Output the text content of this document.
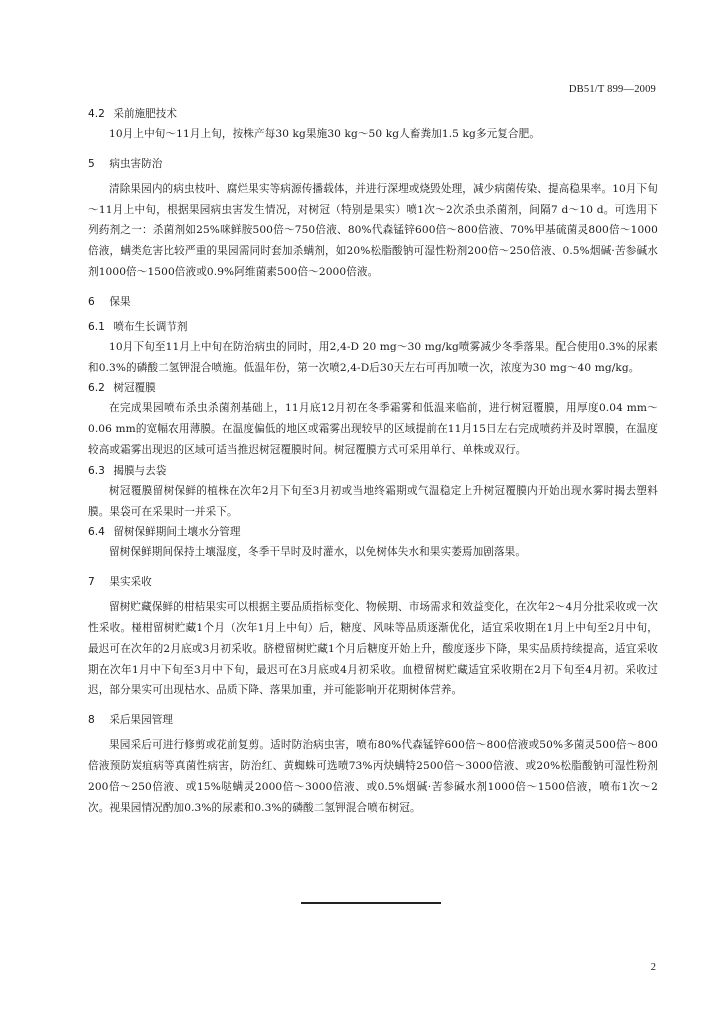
DB51/T 899—2009
4.2 采前施肥技术

10月上中旬～11月上旬，按株产每30 kg果施30 kg～50 kg人畜粪加1.5 kg多元复合肥。

5 病虫害防治

清除果园内的病虫枝叶、腐烂果实等病源传播载体，并进行深埋或烧毁处理，减少病菌传染、提高稳果率。10月下旬～11月上中旬，根据果园病虫害发生情况，对树冠（特别是果实）喷1次～2次杀虫杀菌剂，间隔7 d～10 d。可选用下列药剂之一：杀菌剂如25%咪鲜胺500倍～750倍液、80%代森锰锌600倍～800倍液、70%甲基硫菌灵800倍～1000倍液，螨类危害比较严重的果园需同时套加杀螨剂，如20%松脂酸钠可湿性粉剂200倍～250倍液、0.5%烟碱·苦参碱水剂1000倍～1500倍液或0.9%阿维菌素500倍～2000倍液。

6 保果
6.1 喷布生长调节剂

10月下旬至11月上中旬在防治病虫的同时，用2,4-D 20 mg～30 mg/kg喷雾减少冬季落果。配合使用0.3%的尿素和0.3%的磷酸二氢钾混合喷施。低温年份，第一次喷2,4-D后30天左右可再加喷一次，浓度为30 mg～40 mg/kg。

6.2 树冠覆膜

在完成果园喷布杀虫杀菌剂基础上，11月底12月初在冬季霜雾和低温来临前，进行树冠覆膜，用厚度0.04 mm～0.06 mm的宽幅农用薄膜。在温度偏低的地区或霜雾出现较早的区域提前在11月15日左右完成喷药并及时罩膜，在温度较高或霜雾出现迟的区域可适当推迟树冠覆膜时间。树冠覆膜方式可采用单行、单株或双行。

6.3 揭膜与去袋

树冠覆膜留树保鲜的植株在次年2月下旬至3月初或当地终霜期或气温稳定上升树冠覆膜内开始出现水雾时揭去塑料膜。果袋可在采果时一并采下。

6.4 留树保鲜期间土壤水分管理

留树保鲜期间保持土壤湿度，冬季干旱时及时灌水，以免树体失水和果实萎焉加剧落果。

7 果实采收

留树贮藏保鲜的柑桔果实可以根据主要品质指标变化、物候期、市场需求和效益变化，在次年2～4月分批采收或一次性采收。椪柑留树贮藏1个月（次年1月上中旬）后，糖度、风味等品质逐渐优化，适宜采收期在1月上中旬至2月中旬，最迟可在次年的2月底或3月初采收。脐橙留树贮藏1个月后糖度开始上升，酸度逐步下降，果实品质持续提高，适宜采收期在次年1月中下旬至3月中下旬，最迟可在3月底或4月初采收。血橙留树贮藏适宜采收期在2月下旬至4月初。采收过迟，部分果实可出现枯水、品质下降、落果加重，并可能影响开花期树体营养。

8 采后果园管理

果园采后可进行修剪或花前复剪。适时防治病虫害，喷布80%代森锰锌600倍～800倍液或50%多菌灵500倍～800倍液预防炭疽病等真菌性病害，防治红、黄蜘蛛可选喷73%丙炔螨特2500倍～3000倍液、或20%松脂酸钠可湿性粉剂200倍～250倍液、或15%哒螨灵2000倍～3000倍液、或0.5%烟碱·苦参碱水剂1000倍～1500倍液，喷布1次～2次。视果园情况酌加0.3%的尿素和0.3%的磷酸二氢钾混合喷布树冠。

2
